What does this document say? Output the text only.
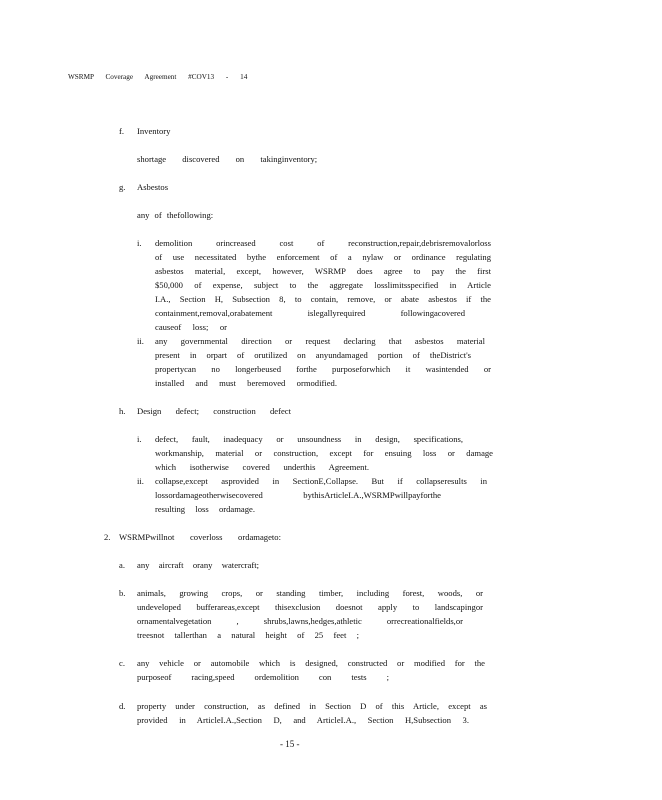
WSRMP Coverage Agreement #COV13 - 14
f. Inventory
shortage discovered on takinginventory;
g. Asbestos
any of thefollowing:
i. demolition orincreased cost of reconstruction,repair,debrisremovalorloss
of use necessitated bythe enforcement of a nylaw or ordinance regulating
asbestos material, except, however, WSRMP does agree to pay the first
$50,000 of expense, subject to the aggregate losslimitsspecified in Article
I.A., Section H, Subsection 8, to contain, remove, or abate asbestos if the
containment,removal,orabatement islegallyrequired followingacovered
causeof loss; or
ii. any governmental direction or request declaring that asbestos material
present in orpart of orutilized on anyundamaged portion of theDistrict's
propertycan no longerbeused forthe purposeforwhich it wasintended or
installed and must beremoved ormodified.
h. Design defect; construction defect
i. defect, fault, inadequacy or unsoundness in design, specifications,
workmanship, material or construction, except for ensuing loss or damage
which isotherwise covered underthis Agreement.
ii. collapse,except asprovided in SectionE,Collapse. But if collapseresults in
lossordamageotherwisecovered bythisArticleI.A.,WSRMPwillpayforthe
resulting loss ordamage.
2. WSRMPwillnot coverloss ordamageto:
a. any aircraft orany watercraft;
b. animals, growing crops, or standing timber, including forest, woods, or
undeveloped bufferareas,except thisexclusion doesnot apply to landscapingor
ornamentalvegetation , shrubs,lawns,hedges,athletic orrecreationalfields,or
treesnot tallerthan a natural height of 25 feet ;
c. any vehicle or automobile which is designed, constructed or modified for the
purposeof racing,speed ordemolition con tests ;
d. property under construction, as defined in Section D of this Article, except as
provided in ArticleI.A.,Section D, and ArticleI.A., Section H,Subsection 3.
- 15 -
